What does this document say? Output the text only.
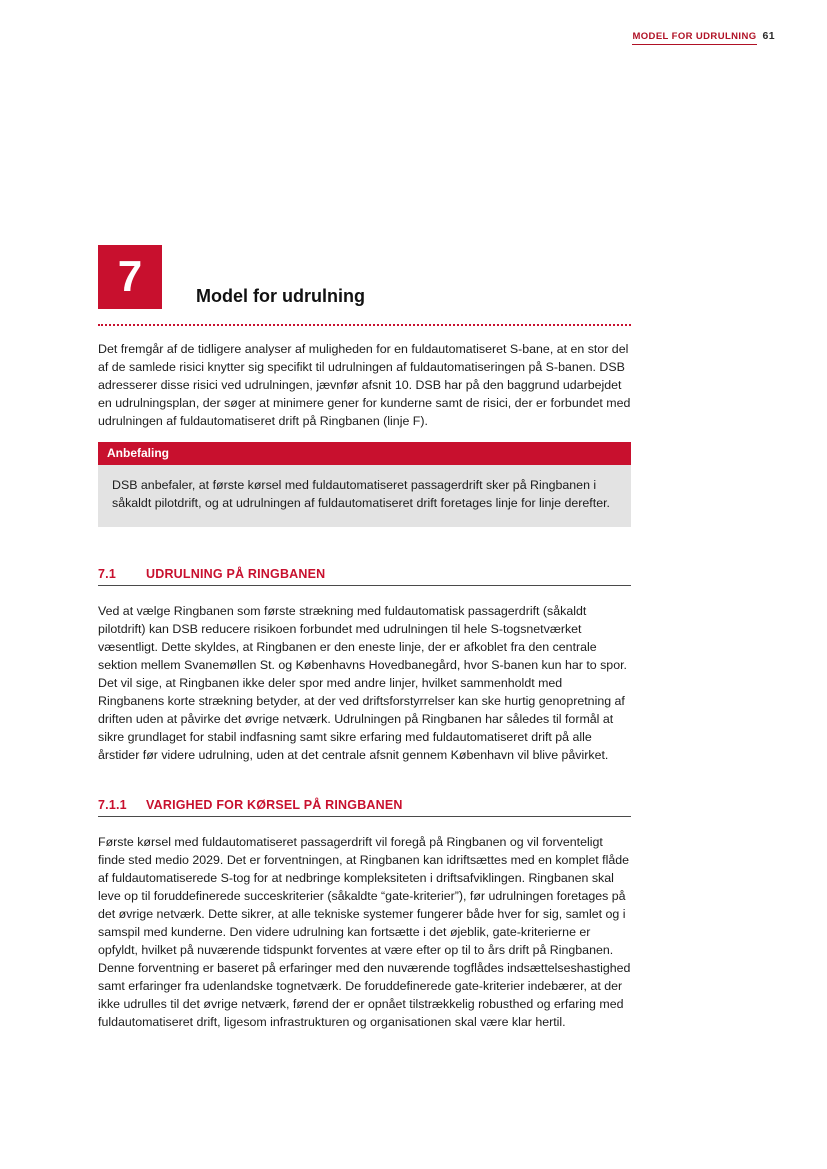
MODEL FOR UDRULNING 61
7	Model for udrulning

Det fremgår af de tidligere analyser af muligheden for en fuldautomatiseret S-bane, at en stor del af de samlede risici knytter sig specifikt til udrulningen af fuldautomatiseringen på S-banen. DSB adresserer disse risici ved udrulningen, jævnfør afsnit 10. DSB har på den baggrund udarbejdet en udrulningsplan, der søger at minimere gener for kunderne samt de risici, der er forbundet med udrulningen af fuldautomatiseret drift på Ringbanen (linje F).

Anbefaling
DSB anbefaler, at første kørsel med fuldautomatiseret passagerdrift sker på Ringbanen i såkaldt pilotdrift, og at udrulningen af fuldautomatiseret drift foretages linje for linje derefter.
7.1	UDRULNING PÅ RINGBANEN

Ved at vælge Ringbanen som første strækning med fuldautomatisk passagerdrift (såkaldt pilotdrift) kan DSB reducere risikoen forbundet med udrulningen til hele S-togsnetværket væsentligt. Dette skyldes, at Ringbanen er den eneste linje, der er afkoblet fra den centrale sektion mellem Svanemøllen St. og Københavns Hovedbanegård, hvor S-banen kun har to spor. Det vil sige, at Ringbanen ikke deler spor med andre linjer, hvilket sammenholdt med Ringbanens korte strækning betyder, at der ved driftsforstyrrelser kan ske hurtig genopretning af driften uden at påvirke det øvrige netværk. Udrulningen på Ringbanen har således til formål at sikre grundlaget for stabil indfasning samt sikre erfaring med fuldautomatiseret drift på alle årstider før videre udrulning, uden at det centrale afsnit gennem København vil blive påvirket.

7.1.1	VARIGHED FOR KØRSEL PÅ RINGBANEN

Første kørsel med fuldautomatiseret passagerdrift vil foregå på Ringbanen og vil forventeligt finde sted medio 2029. Det er forventningen, at Ringbanen kan idriftsættes med en komplet flåde af fuldautomatiserede S-tog for at nedbringe kompleksiteten i driftsafviklingen. Ringbanen skal leve op til foruddefinerede succeskriterier (såkaldte “gate-kriterier”), før udrulningen foretages på det øvrige netværk. Dette sikrer, at alle tekniske systemer fungerer både hver for sig, samlet og i samspil med kunderne. Den videre udrulning kan fortsætte i det øjeblik, gate-kriterierne er opfyldt, hvilket på nuværende tidspunkt forventes at være efter op til to års drift på Ringbanen. Denne forventning er baseret på erfaringer med den nuværende togflådes indsættelseshastighed samt erfaringer fra udenlandske tognetværk. De foruddefinerede gate-kriterier indebærer, at der ikke udrulles til det øvrige netværk, førend der er opnået tilstrækkelig robusthed og erfaring med fuldautomatiseret drift, ligesom infrastrukturen og organisationen skal være klar hertil.
